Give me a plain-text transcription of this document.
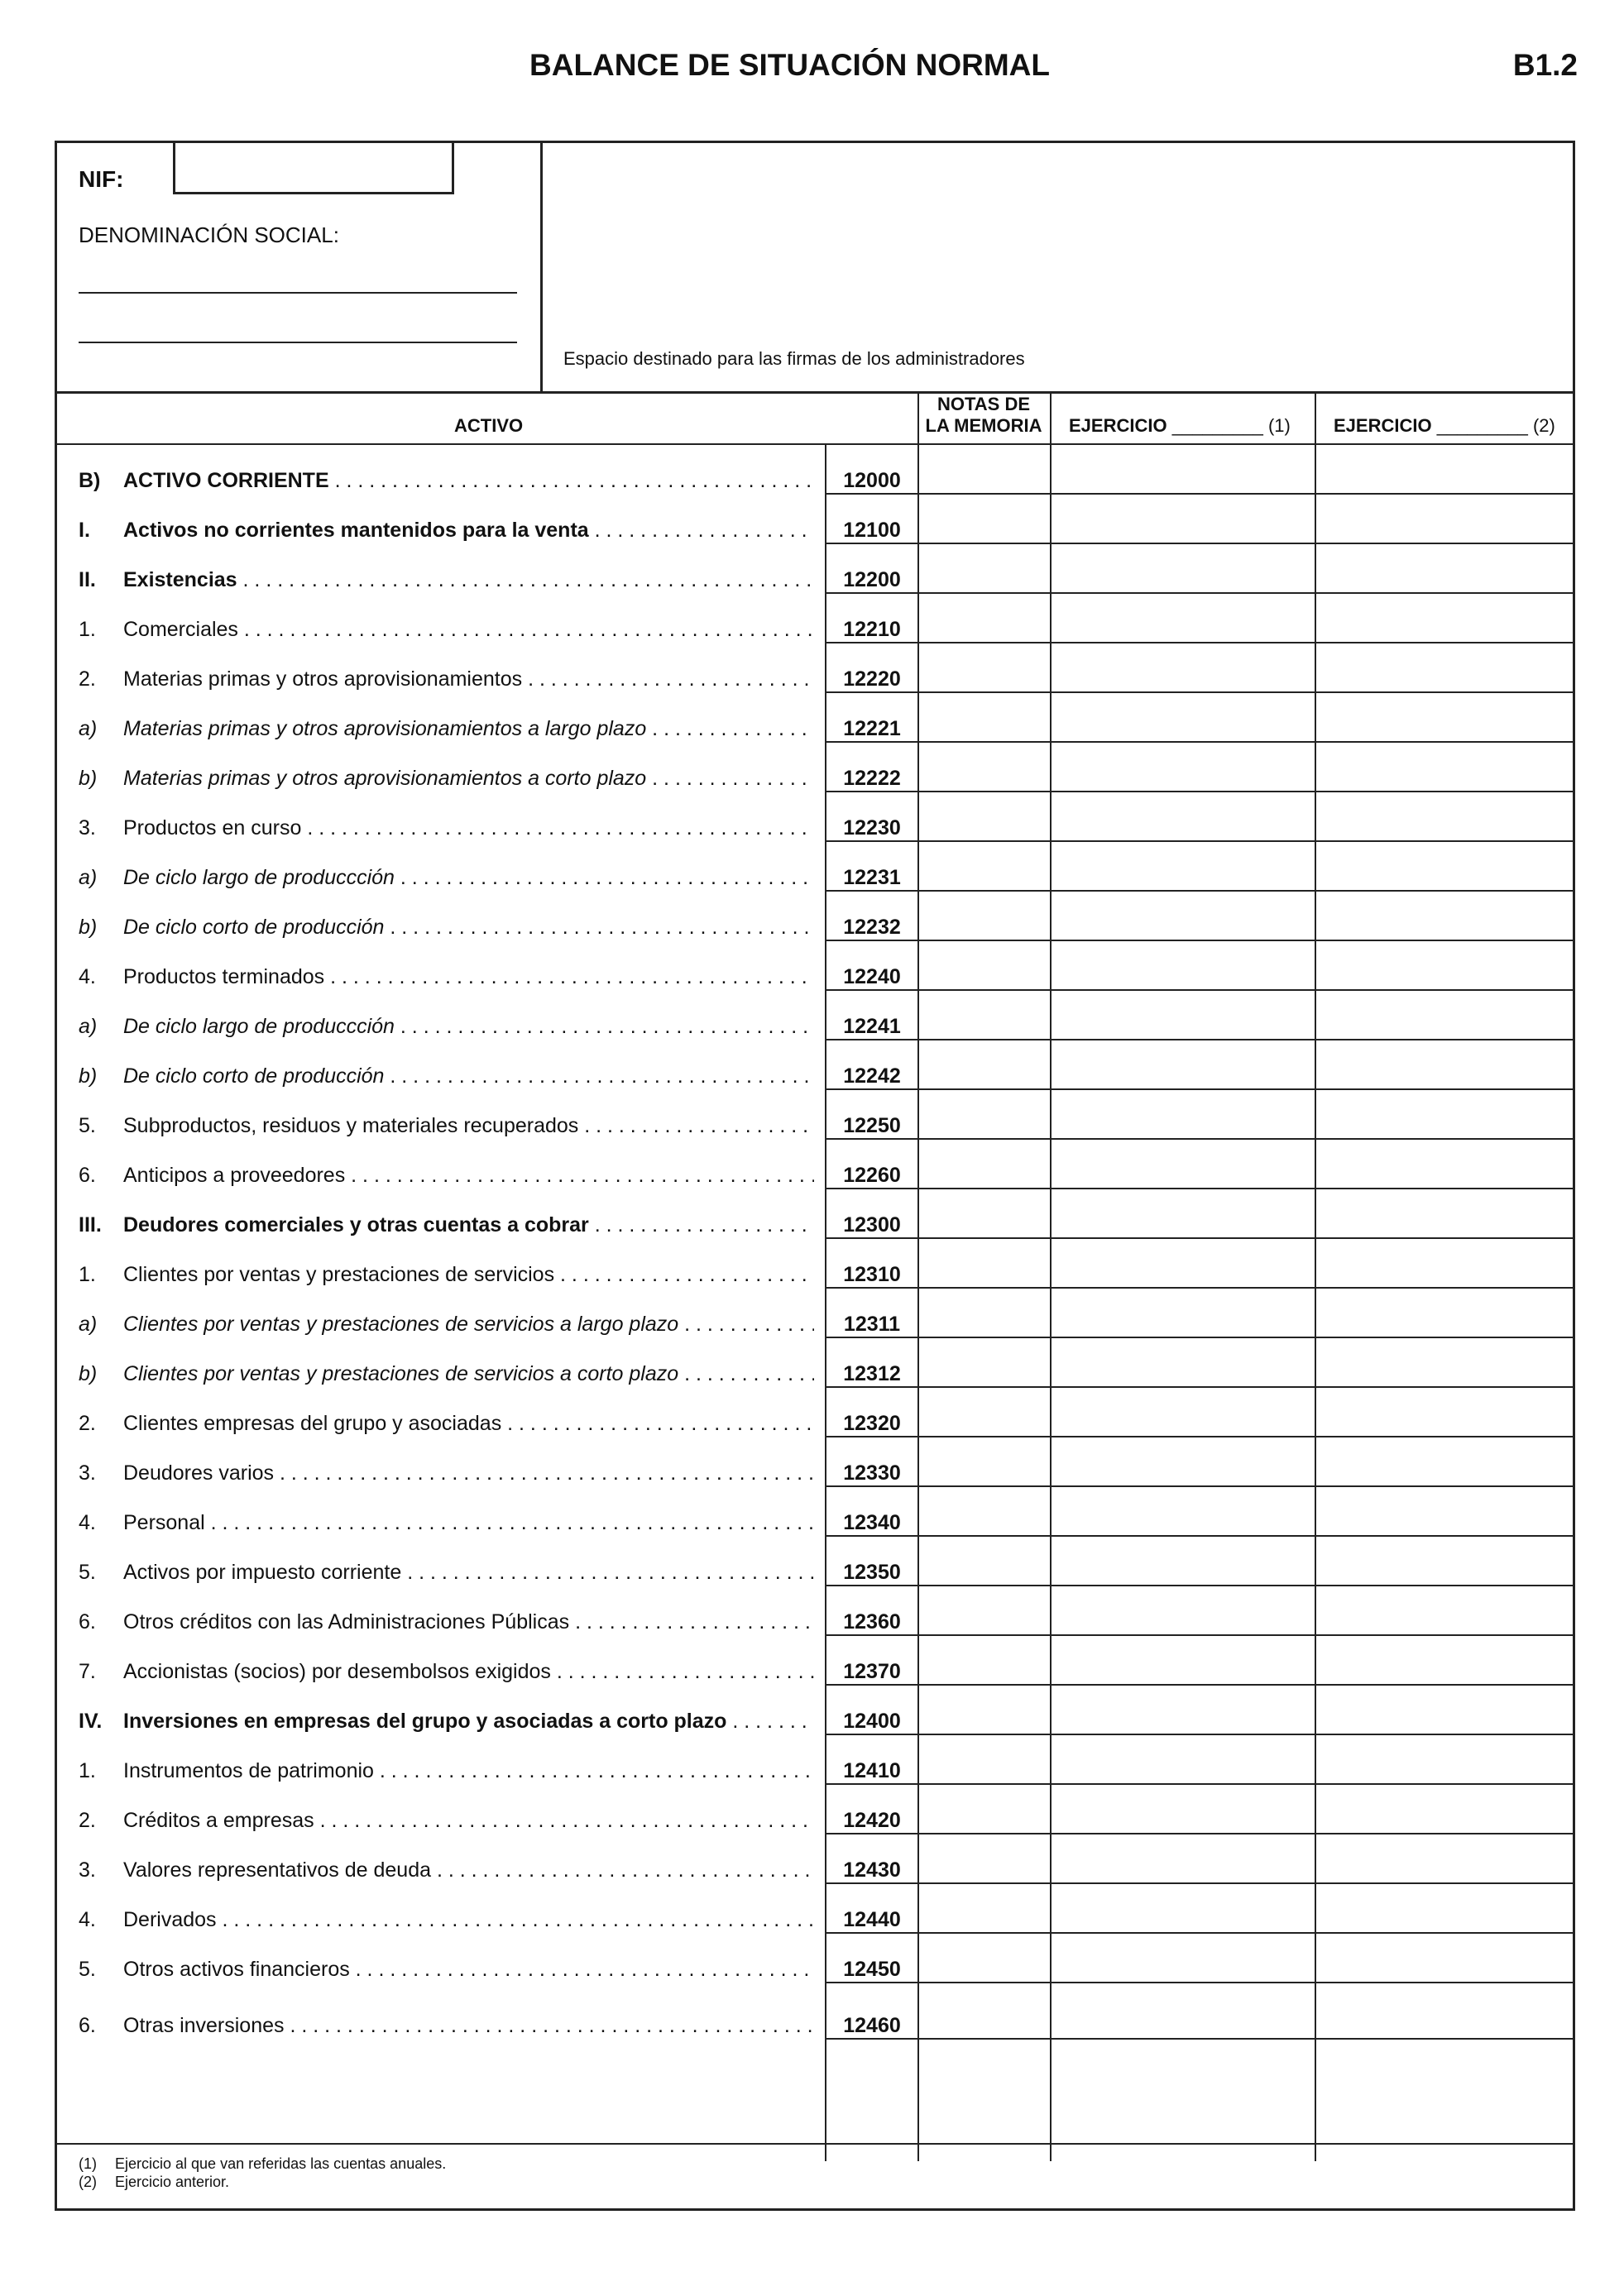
BALANCE DE SITUACIÓN NORMAL	B1.2
NIF:
DENOMINACIÓN SOCIAL:
Espacio destinado para las firmas de los administradores
ACTIVO
NOTAS DE
LA MEMORIA	EJERCICIO _________ (1) EJERCICIO _________ (2)
B)	ACTIVO CORRIENTE . . .	12000
I.	Activos no corrientes mantenidos para la venta . . .	12100
II.	Existencias . . .	12200
1.	Comerciales . . .	12210
2.	Materias primas y otros aprovisionamientos . . .	12220
a)	Materias primas y otros aprovisionamientos a largo plazo . . .	12221
b)	Materias primas y otros aprovisionamientos a corto plazo . . .	12222
3.	Productos en curso . . .	12230
a)	De ciclo largo de produccción . . .	12231
b)	De ciclo corto de producción . . .	12232
4.	Productos terminados . . .	12240
a)	De ciclo largo de produccción . . .	12241
b)	De ciclo corto de producción . . .	12242
5.	Subproductos, residuos y materiales recuperados . . .	12250
6.	Anticipos a proveedores . . .	12260
III.	Deudores comerciales y otras cuentas a cobrar . . .	12300
1.	Clientes por ventas y prestaciones de servicios . . .	12310
a)	Clientes por ventas y prestaciones de servicios a largo plazo . . .	12311
b)	Clientes por ventas y prestaciones de servicios a corto plazo . . .	12312
2.	Clientes empresas del grupo y asociadas . . .	12320
3.	Deudores varios . . .	12330
4.	Personal . . .	12340
5.	Activos por impuesto corriente . . .	12350
6.	Otros créditos con las Administraciones Públicas . . .	12360
7.	Accionistas (socios) por desembolsos exigidos . . .	12370
IV.	Inversiones en empresas del grupo y asociadas a corto plazo . . .	12400
1.	Instrumentos de patrimonio . . .	12410
2.	Créditos a empresas . . .	12420
3.	Valores representativos de deuda . . .	12430
4.	Derivados . . .	12440
5.	Otros activos financieros . . .	12450
6.	Otras inversiones . . .	12460
(1) Ejercicio al que van referidas las cuentas anuales.
(2) Ejercicio anterior.
